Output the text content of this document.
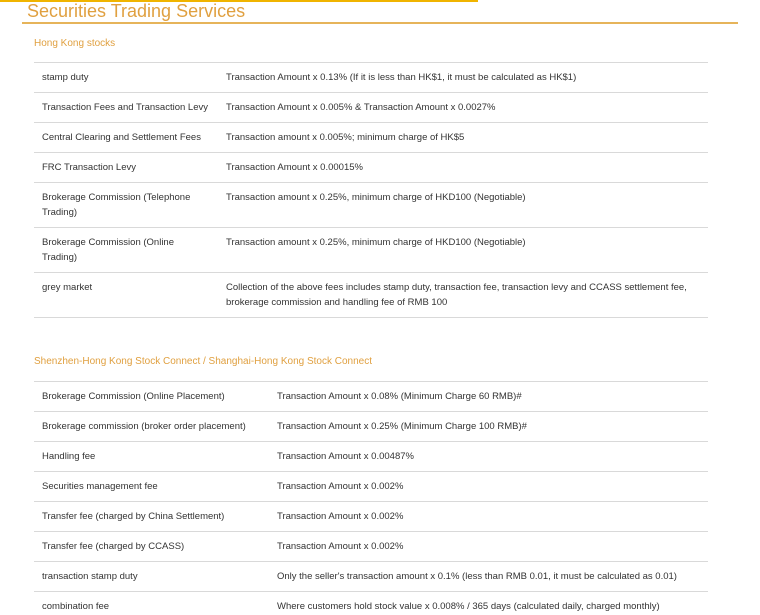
Securities Trading Services
Hong Kong stocks
stamp duty	Transaction Amount x 0.13% (If it is less than HK$1, it must be calculated as HK$1)
Transaction Fees and Transaction Levy	Transaction Amount x 0.005% & Transaction Amount x 0.0027%
Central Clearing and Settlement Fees	Transaction amount x 0.005%; minimum charge of HK$5
FRC Transaction Levy	Transaction Amount x 0.00015%
Brokerage Commission (Telephone Trading)	Transaction amount x 0.25%, minimum charge of HKD100 (Negotiable)
Brokerage Commission (Online Trading)	Transaction amount x 0.25%, minimum charge of HKD100 (Negotiable)
grey market	Collection of the above fees includes stamp duty, transaction fee, transaction levy and CCASS settlement fee, brokerage commission and handling fee of RMB 100
Shenzhen-Hong Kong Stock Connect / Shanghai-Hong Kong Stock Connect
Brokerage Commission (Online Placement)	Transaction Amount x 0.08% (Minimum Charge 60 RMB)#
Brokerage commission (broker order placement)	Transaction Amount x 0.25% (Minimum Charge 100 RMB)#
Handling fee	Transaction Amount x 0.00487%
Securities management fee	Transaction Amount x 0.002%
Transfer fee (charged by China Settlement)	Transaction Amount x 0.002%
Transfer fee (charged by CCASS)	Transaction Amount x 0.002%
transaction stamp duty	Only the seller's transaction amount x 0.1% (less than RMB 0.01, it must be calculated as 0.01)
combination fee	Where customers hold stock value x 0.008% / 365 days (calculated daily, charged monthly)
